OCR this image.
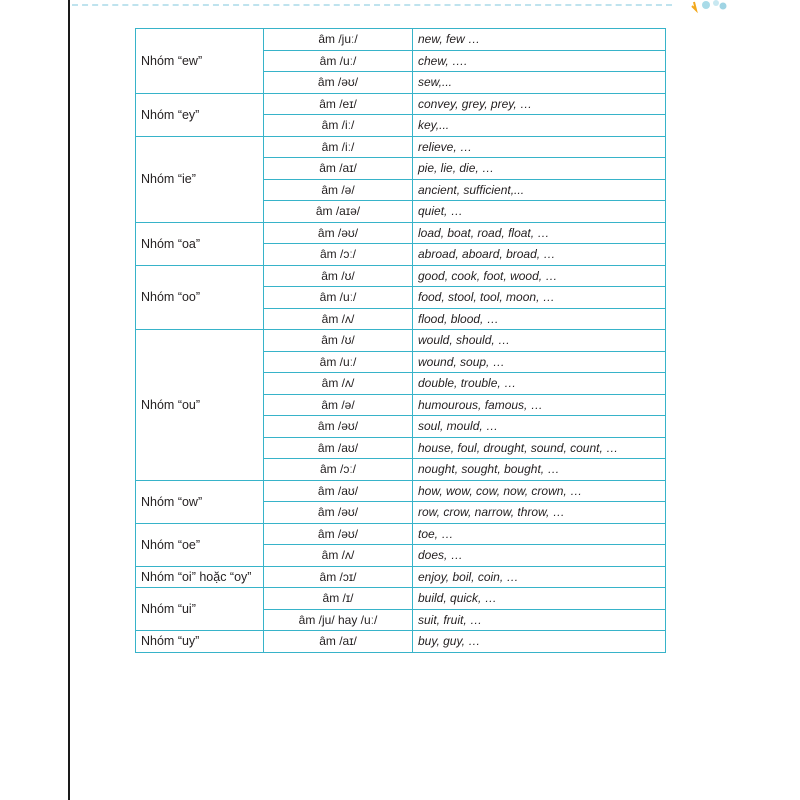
Nhóm “ew”	âm /juː/	new, few …
	âm /uː/	chew, ….
	âm /əʊ/	sew,...
Nhóm “ey”	âm /eɪ/	convey, grey, prey, …
	âm /iː/	key,...
Nhóm “ie”	âm /iː/	relieve, …
	âm /aɪ/	pie, lie, die, …
	âm /ə/	ancient, sufficient,...
	âm /aɪə/	quiet, …
Nhóm “oa”	âm /əʊ/	load, boat, road, float, …
	âm /ɔː/	abroad, aboard, broad, …
Nhóm “oo”	âm /ʊ/	good, cook, foot, wood, …
	âm /uː/	food, stool, tool, moon, …
	âm /ʌ/	flood, blood, …
Nhóm “ou”	âm /ʊ/	would, should, …
	âm /uː/	wound, soup, …
	âm /ʌ/	double, trouble, …
	âm /ə/	humourous, famous, …
	âm /əʊ/	soul, mould, …
	âm /aʊ/	house, foul, drought, sound, count, …
	âm /ɔː/	nought, sought, bought, …
Nhóm “ow”	âm /aʊ/	how, wow, cow, now, crown, …
	âm /əʊ/	row, crow, narrow, throw, …
Nhóm “oe”	âm /əʊ/	toe, …
	âm /ʌ/	does, …
Nhóm “oi” hoặc “oy”	âm /ɔɪ/	enjoy, boil, coin, …
Nhóm “ui”	âm /ɪ/	build, quick, …
	âm /ju/ hay /uː/	suit, fruit, …
Nhóm “uy”	âm /aɪ/	buy, guy, …
